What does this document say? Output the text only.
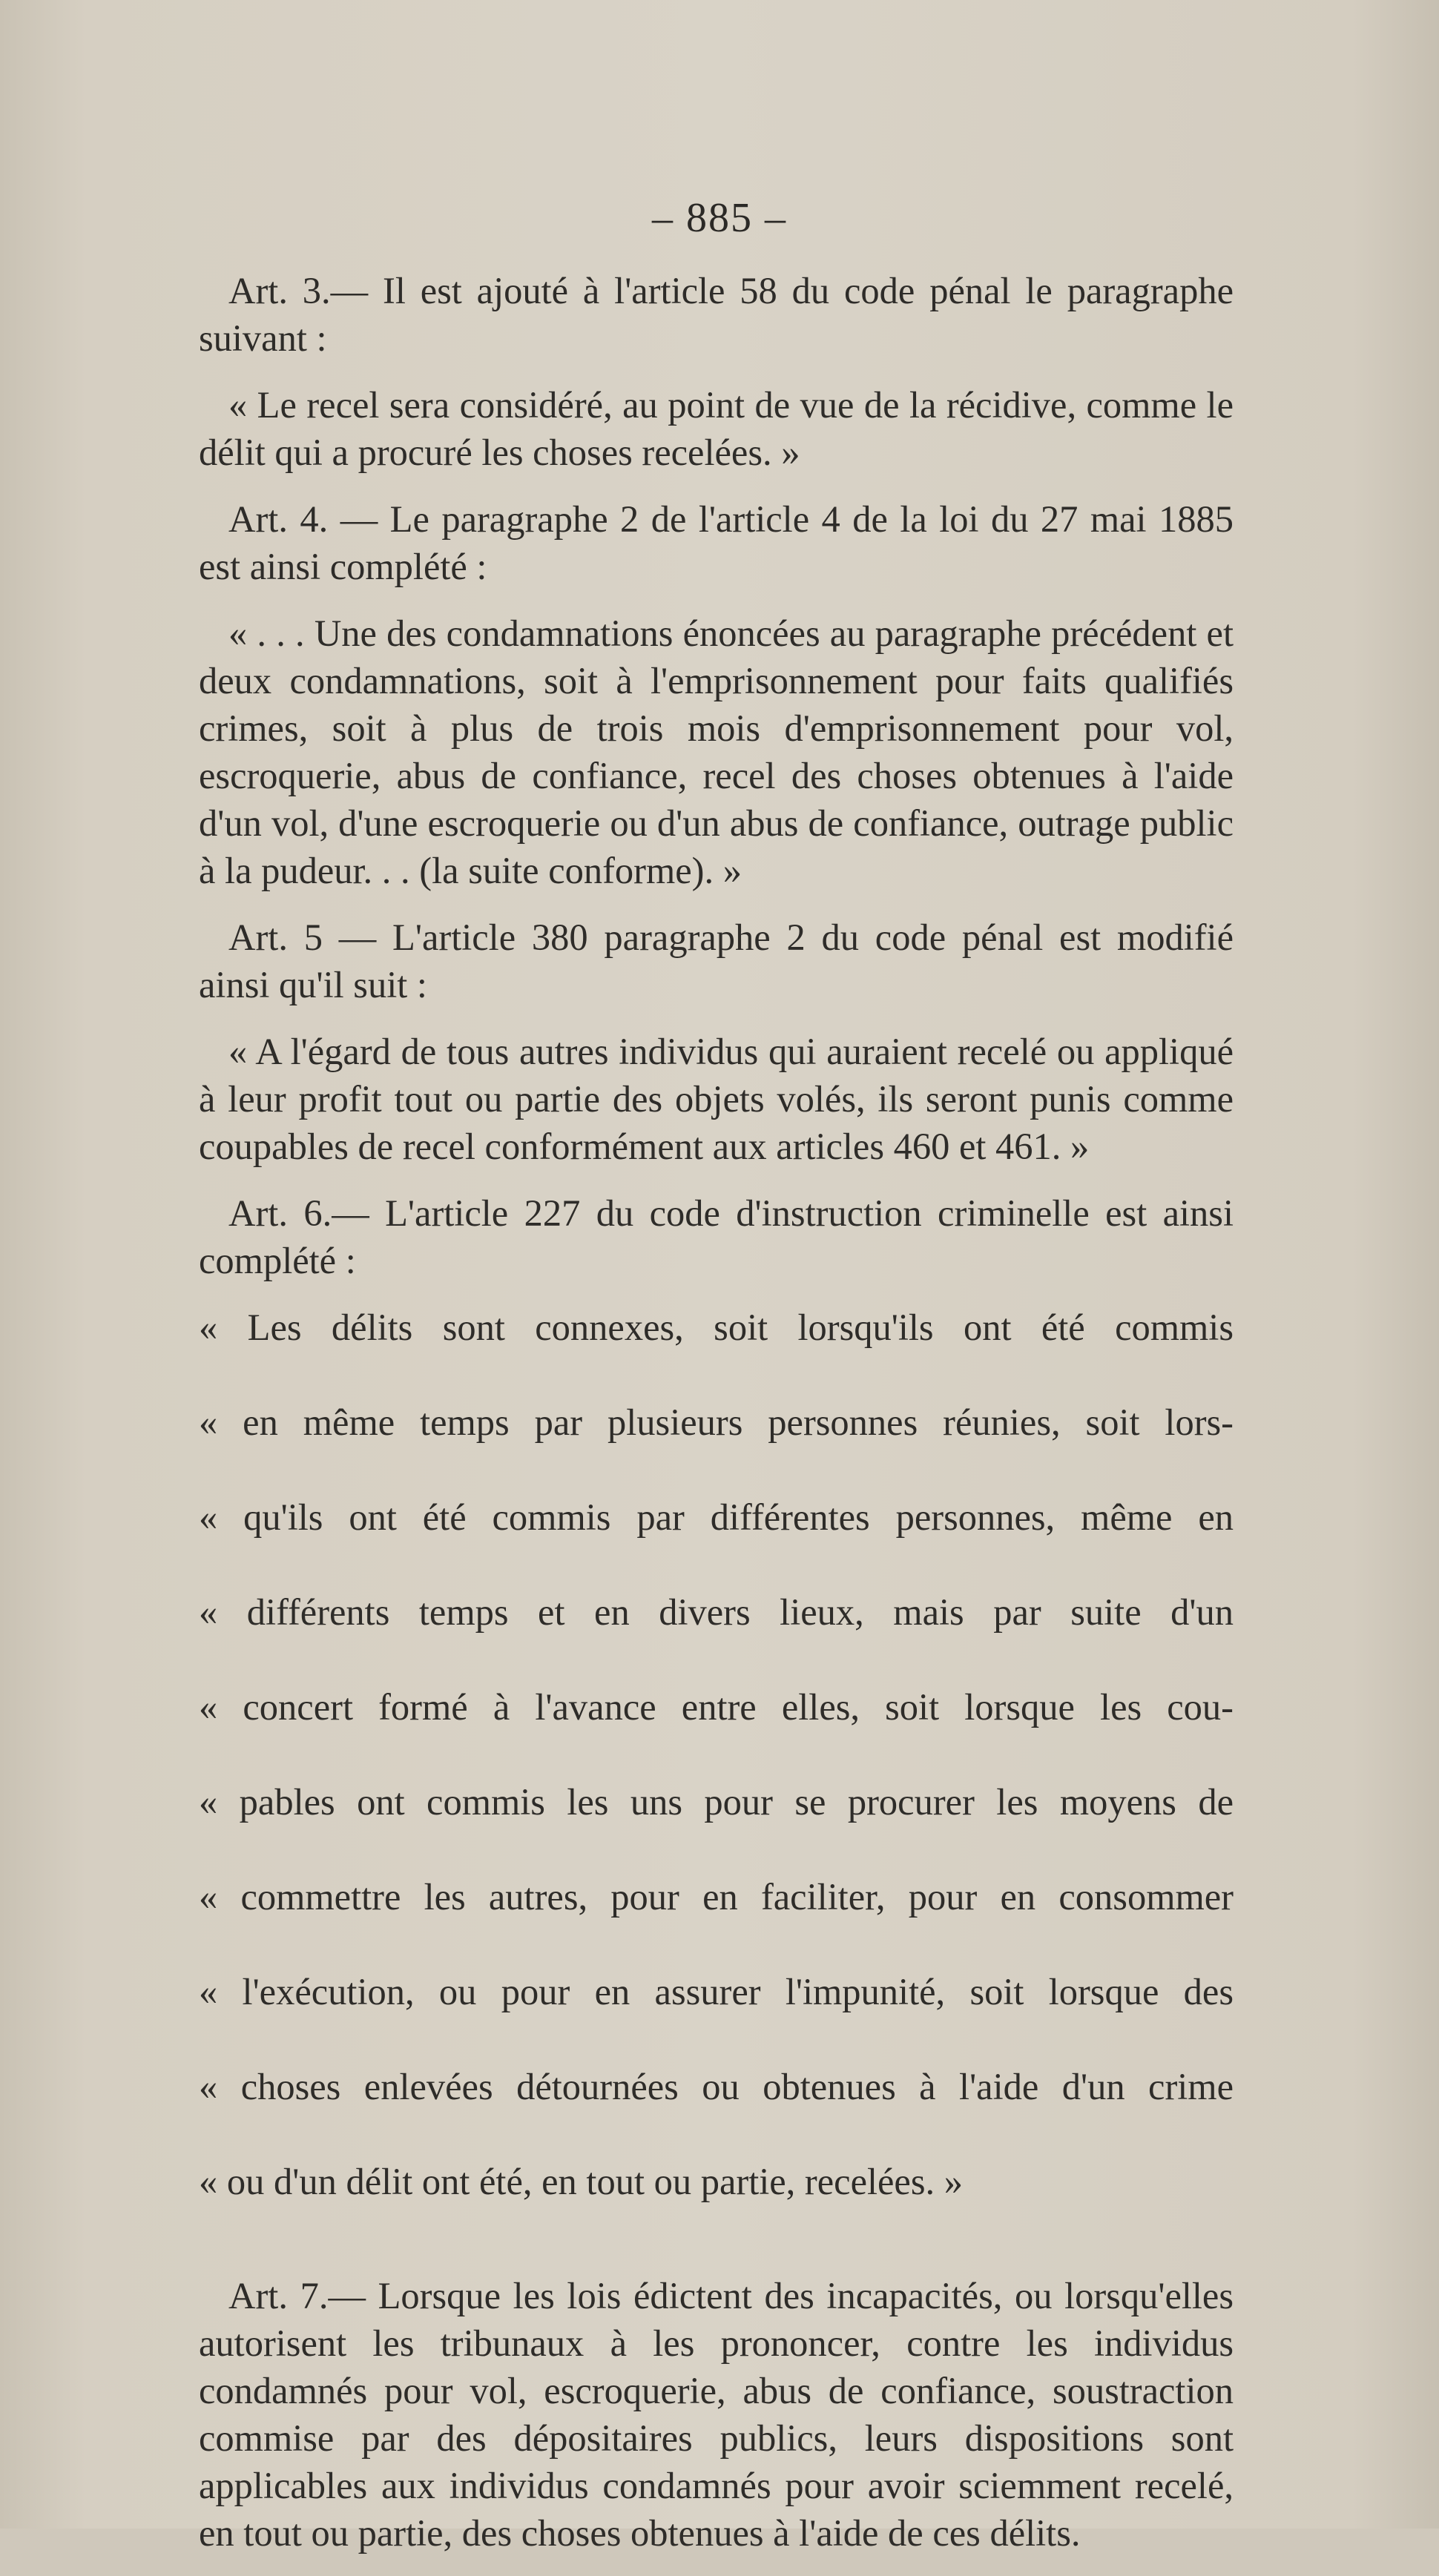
– 885 –

Art. 3.— Il est ajouté à l'article 58 du code pénal le paragraphe suivant :

« Le recel sera considéré, au point de vue de la récidive, comme le délit qui a procuré les choses recelées. »

Art. 4. — Le paragraphe 2 de l'article 4 de la loi du 27 mai 1885 est ainsi complété :

« . . . Une des condamnations énoncées au paragraphe précédent et deux condamnations, soit à l'emprisonnement pour faits qualifiés crimes, soit à plus de trois mois d'emprisonnement pour vol, escroquerie, abus de confiance, recel des choses obtenues à l'aide d'un vol, d'une escroquerie ou d'un abus de confiance, outrage public à la pudeur. . . (la suite conforme). »

Art. 5 — L'article 380 paragraphe 2 du code pénal est modifié ainsi qu'il suit :

« A l'égard de tous autres individus qui auraient recelé ou appliqué à leur profit tout ou partie des objets volés, ils seront punis comme coupables de recel conformément aux articles 460 et 461. »

Art. 6.— L'article 227 du code d'instruction criminelle est ainsi complété :

« Les délits sont connexes, soit lorsqu'ils ont été commis
« en même temps par plusieurs personnes réunies, soit lors-
« qu'ils ont été commis par différentes personnes, même en
« différents temps et en divers lieux, mais par suite d'un
« concert formé à l'avance entre elles, soit lorsque les cou-
« pables ont commis les uns pour se procurer les moyens de
« commettre les autres, pour en faciliter, pour en consommer
« l'exécution, ou pour en assurer l'impunité, soit lorsque des
« choses enlevées détournées ou obtenues à l'aide d'un crime
« ou d'un délit ont été, en tout ou partie, recelées. »

Art. 7.— Lorsque les lois édictent des incapacités, ou lorsqu'elles autorisent les tribunaux à les prononcer, contre les individus condamnés pour vol, escroquerie, abus de confiance, soustraction commise par des dépositaires publics, leurs dispositions sont applicables aux individus condamnés pour avoir sciemment recelé, en tout ou partie, des choses obtenues à l'aide de ces délits.
